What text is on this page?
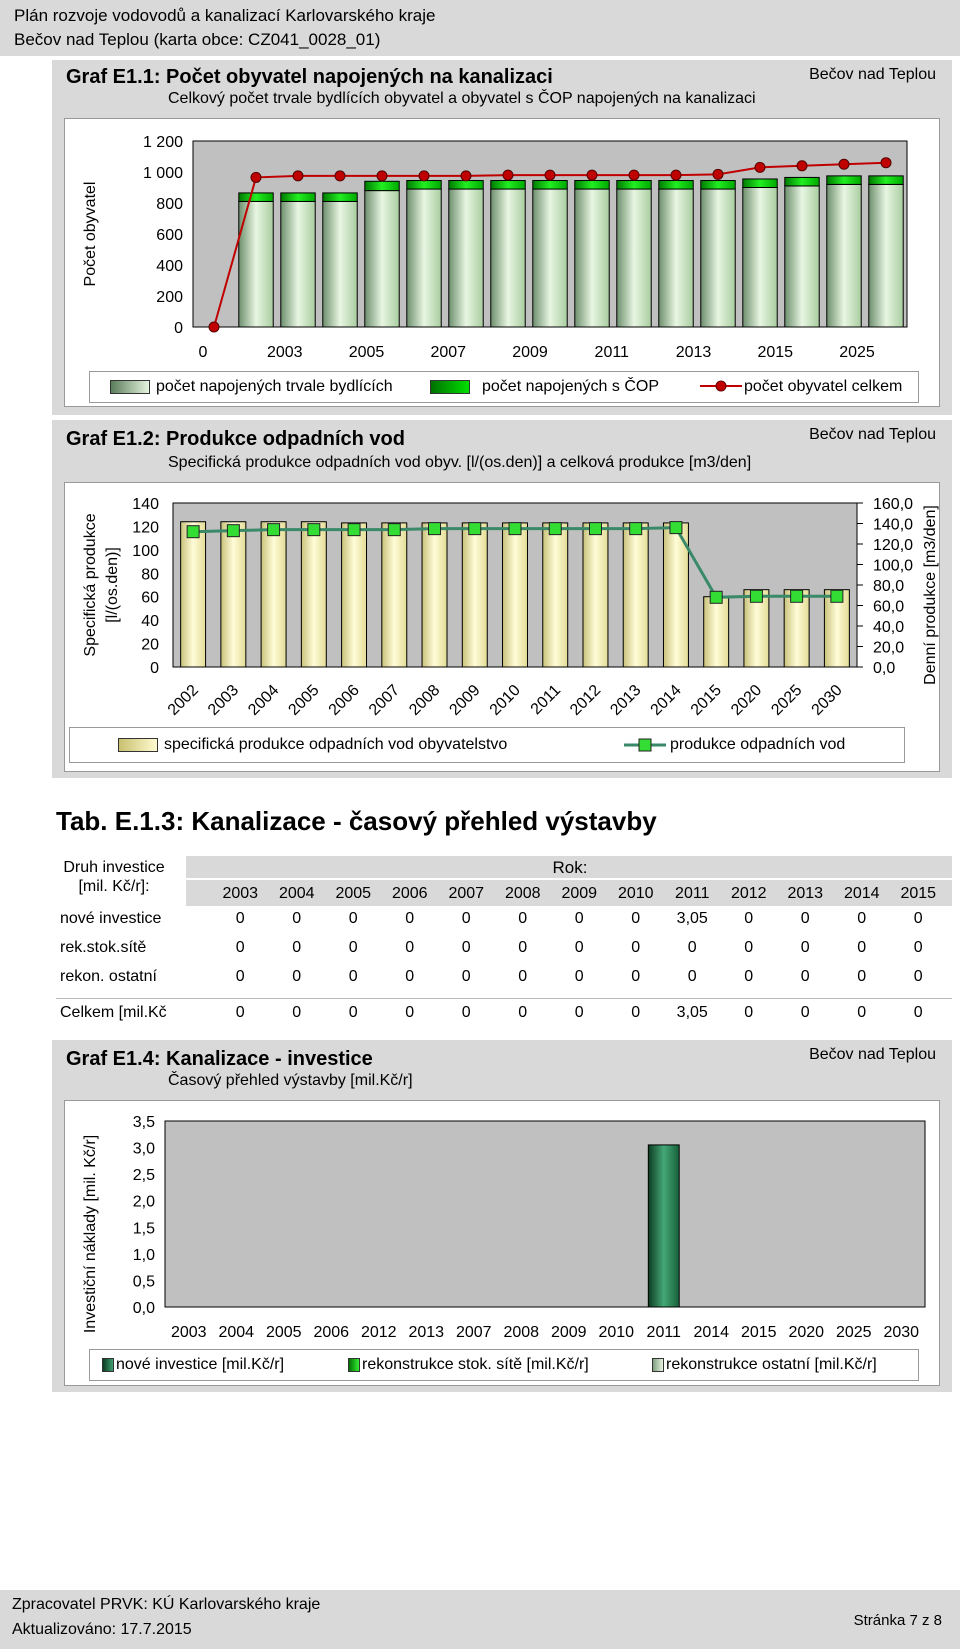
Plán rozvoje vodovodů a kanalizací Karlovarského kraje
Bečov nad Teplou (karta obce: CZ041_0028_01)
Graf E1.1: Počet obyvatel napojených na kanalizaci	Bečov nad Teplou
Celkový počet trvale bydlících obyvatel a obyvatel s ČOP napojených na kanalizaci
0
200
400
600
800
1 000
1 200
Počet obyvatel
0	2003	2005	2007	2009	2011	2013	2015	2025
počet napojených trvale bydlících	počet napojených s ČOP	počet obyvatel celkem
Graf E1.2: Produkce odpadních vod	Bečov nad Teplou
Specifická produkce odpadních vod obyv. [l/(os.den)] a celková produkce [m3/den]
0
20
40
60
80
100
120
140
0,0
20,0
40,0
60,0
80,0
100,0
120,0
140,0
160,0
Specifická produkce [l/(os.den)]	Denní produkce [m3/den]
2002 2003 2004 2005 2006 2007 2008 2009 2010 2011 2012 2013 2014 2015 2020 2025 2030
specifická produkce odpadních vod obyvatelstvo	produkce odpadních vod
Tab. E.1.3: Kanalizace - časový přehled výstavby
Druh investice
[mil. Kč/r]:
Rok:
2003	2004	2005	2006	2007	2008	2009	2010	2011	2012	2013	2014	2015
nové investice	0	0	0	0	0	0	0	0	3,05	0	0	0	0
rek.stok.sítě	0	0	0	0	0	0	0	0	0	0	0	0	0
rekon. ostatní	0	0	0	0	0	0	0	0	0	0	0	0	0
Celkem [mil.Kč	0	0	0	0	0	0	0	0	3,05	0	0	0	0
Graf E1.4: Kanalizace - investice	Bečov nad Teplou
Časový přehled výstavby [mil.Kč/r]
0,0
0,5
1,0
1,5
2,0
2,5
3,0
3,5
Investiční náklady [mil. Kč/r]	2003 2004 2005 2006 2012 2013 2007 2008 2009 2010 2011 2014 2015 2020 2025 2030
nové investice [mil.Kč/r]	rekonstrukce stok. sítě [mil.Kč/r]	rekonstrukce ostatní [mil.Kč/r]
Zpracovatel PRVK: KÚ Karlovarského kraje
Aktualizováno: 17.7.2015
Stránka 7 z 8
